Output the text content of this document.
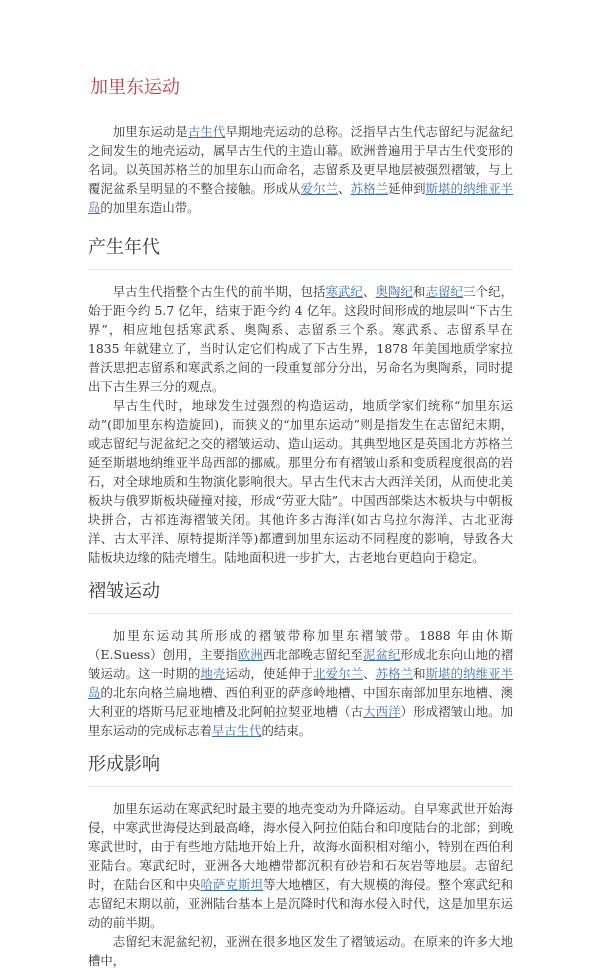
加里东运动

加里东运动是古生代早期地壳运动的总称。泛指早古生代志留纪与泥盆纪之间发生的地壳运动，属早古生代的主造山幕。欧洲普遍用于早古生代变形的名词。以英国苏格兰的加里东山而命名，志留系及更早地层被强烈褶皱，与上覆泥盆系呈明显的不整合接触。形成从爱尔兰、苏格兰延伸到斯堪的纳维亚半岛的加里东造山带。

产生年代

早古生代指整个古生代的前半期，包括寒武纪、奥陶纪和志留纪三个纪，始于距今约 5.7 亿年，结束于距今约 4 亿年。这段时间形成的地层叫“下古生界”，相应地包括寒武系、奥陶系、志留系三个系。寒武系、志留系早在 1835 年就建立了，当时认定它们构成了下古生界，1878 年美国地质学家拉普沃思把志留系和寒武系之间的一段重复部分分出，另命名为奥陶系，同时提出下古生界三分的观点。

早古生代时，地球发生过强烈的构造运动，地质学家们统称“加里东运动”(即加里东构造旋回)，而狭义的“加里东运动”则是指发生在志留纪末期，或志留纪与泥盆纪之交的褶皱运动、造山运动。其典型地区是英国北方苏格兰延至斯堪地纳维亚半岛西部的挪威。那里分布有褶皱山系和变质程度很高的岩石，对全球地质和生物演化影响很大。早古生代末古大西洋关闭，从而使北美板块与俄罗斯板块碰撞对接，形成“劳亚大陆”。中国西部柴达木板块与中朝板块拼合，古祁连海褶皱关闭。其他许多古海洋(如古乌拉尔海洋、古北亚海洋、古太平洋、原特提斯洋等)都遭到加里东运动不同程度的影响，导致各大陆板块边缘的陆壳增生。陆地面积进一步扩大，古老地台更趋向于稳定。

褶皱运动

加里东运动其所形成的褶皱带称加里东褶皱带。1888 年由休斯（E.Suess）创用，主要指欧洲西北部晚志留纪至泥盆纪形成北东向山地的褶皱运动。这一时期的地壳运动，使延伸于北爱尔兰、苏格兰和斯堪的纳维亚半岛的北东向格兰扁地槽、西伯利亚的萨彦岭地槽、中国东南部加里东地槽、澳大利亚的塔斯马尼亚地槽及北阿帕拉契亚地槽（古大西洋）形成褶皱山地。加里东运动的完成标志着早古生代的结束。

形成影响

加里东运动在寒武纪时最主要的地壳变动为升降运动。自早寒武世开始海侵，中寒武世海侵达到最高峰，海水侵入阿拉伯陆台和印度陆台的北部；到晚寒武世时，由于有些地方陆地开始上升，故海水面积相对缩小，特别在西伯利亚陆台。寒武纪时，亚洲各大地槽带都沉积有砂岩和石灰岩等地层。志留纪时，在陆台区和中央哈萨克斯坦等大地槽区，有大规模的海侵。整个寒武纪和志留纪末期以前，亚洲陆台基本上是沉降时代和海水侵入时代，这是加里东运动的前半期。

志留纪末泥盆纪初，亚洲在很多地区发生了褶皱运动。在原来的许多大地槽中，
